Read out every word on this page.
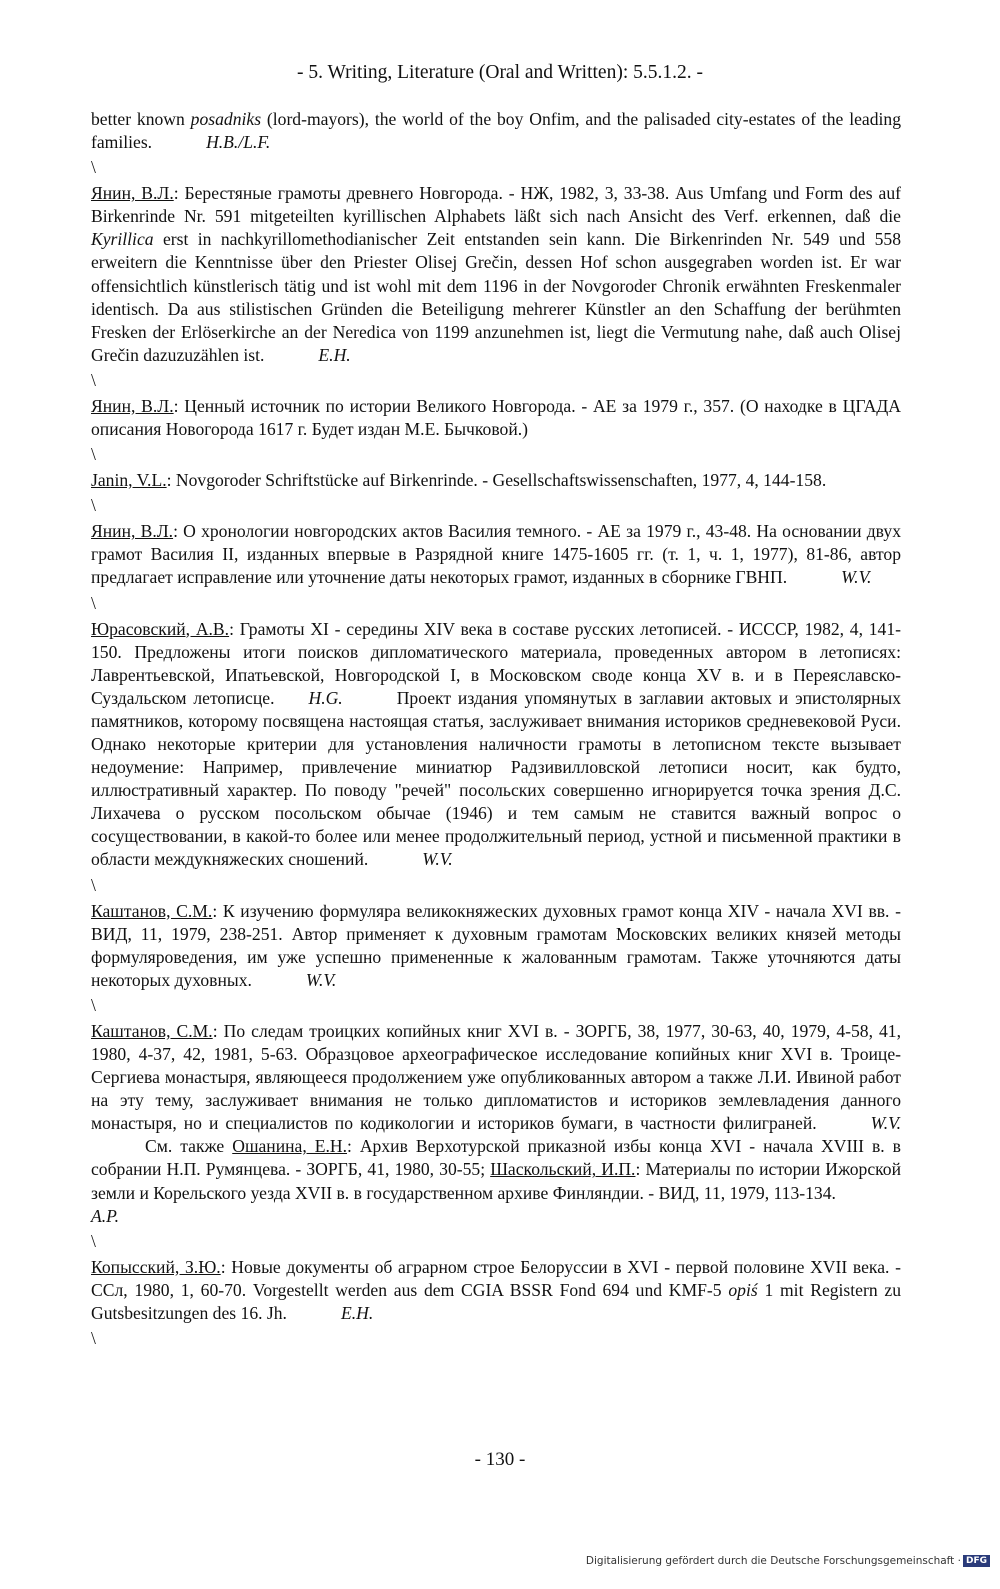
- 5. Writing, Literature (Oral and Written): 5.5.1.2. -

better known posadniks (lord-mayors), the world of the boy Onfim, and the palisaded city-estates of the leading families.	H.B./L.F.

\

Янин, В.Л.: Берестяные грамоты древнего Новгорода. - НЖ, 1982, 3, 33-38. Aus Umfang und Form des auf Birkenrinde Nr. 591 mitgeteilten kyrillischen Alphabets läßt sich nach Ansicht des Verf. erkennen, daß die Kyrillica erst in nachkyrillomethodianischer Zeit entstanden sein kann. Die Birkenrinden Nr. 549 und 558 erweitern die Kenntnisse über den Priester Olisej Grečin, dessen Hof schon ausgegraben worden ist. Er war offensichtlich künstlerisch tätig und ist wohl mit dem 1196 in der Novgoroder Chronik erwähnten Freskenmaler identisch. Da aus stilistischen Gründen die Beteiligung mehrerer Künstler an den Schaffung der berühmten Fresken der Erlöserkirche an der Neredica von 1199 anzunehmen ist, liegt die Vermutung nahe, daß auch Olisej Grečin dazuzuzählen ist.	E.H.

\

Янин, В.Л.: Ценный источник по истории Великого Новгорода. - АЕ за 1979 г., 357. (О находке в ЦГАДА описания Новогорода 1617 г. Будет издан М.Е. Бычковой.)

\

Janin, V.L.: Novgoroder Schriftstücke auf Birkenrinde. - Gesellschaftswissenschaften, 1977, 4, 144-158.

\

Янин, В.Л.: О хронологии новгородских актов Василия темного. - АЕ за 1979 г., 43-48. На основании двух грамот Василия II, изданных впервые в Разрядной книге 1475-1605 гг. (т. 1, ч. 1, 1977), 81-86, автор предлагает исправление или уточнение даты некоторых грамот, изданных в сборнике ГВНП.	W.V.

\

Юрасовский, А.В.: Грамоты XI - середины XIV века в составе русских летописей. - ИСССР, 1982, 4, 141-150. Предложены итоги поисков дипломатического материала, проведенных автором в летописях: Лаврентьевской, Ипатьевской, Новгородской I, в Московском своде конца XV в. и в Переяславско-Суздальском летописце. H.G.	Проект издания упомянутых в заглавии актовых и эпистолярных памятников, которому посвящена настоящая статья, заслуживает внимания историков средневековой Руси. Однако некоторые критерии для установления наличности грамоты в летописном тексте вызывает недоумение: Например, привлечение миниатюр Радзивилловской летописи носит, как будто, иллюстративный характер. По поводу "речей" посольских совершенно игнорируется точка зрения Д.С. Лихачева о русском посольском обычае (1946) и тем самым не ставится важный вопрос о сосуществовании, в какой-то более или менее продолжительный период, устной и письменной практики в области междукняжеских сношений.	W.V.

\

Каштанов, С.М.: К изучению формуляра великокняжеских духовных грамот конца XIV - начала XVI вв. - ВИД, 11, 1979, 238-251. Автор применяет к духовным грамотам Московских великих князей методы формуляроведения, им уже успешно примененные к жалованным грамотам. Также уточняются даты некоторых духовных.	W.V.

\

Каштанов, С.М.: По следам троицких копийных книг XVI в. - ЗОРГБ, 38, 1977, 30-63, 40, 1979, 4-58, 41, 1980, 4-37, 42, 1981, 5-63. Образцовое археографическое исследование копийных книг XVI в. Троице-Сергиева монастыря, являющееся продолжением уже опубликованных автором а также Л.И. Ивиной работ на эту тему, заслуживает внимания не только дипломатистов и историков землевладения данного монастыря, но и специалистов по кодикологии и историков бумаги, в частности филиграней.	W.V.См. также Ошанина, Е.Н.: Архив Верхотурской приказной избы конца XVI - начала XVIII в. в собрании Н.П. Румянцева. - ЗОРГБ, 41, 1980, 30-55; Шаскольский, И.П.: Материалы по истории Ижорской земли и Корельского уезда XVII в. в государственном архиве Финляндии. - ВИД, 11, 1979, 113-134.
A.P.

\

Копысский, З.Ю.: Новые документы об аграрном строе Белоруссии в XVI - первой половине XVII века. - ССл, 1980, 1, 60-70. Vorgestellt werden aus dem CGIA BSSR Fond 694 und KMF-5 opiś 1 mit Registern zu Gutsbesitzungen des 16. Jh.	E.H.

\
- 130 -
Digitalisierung gefördert durch die Deutsche Forschungsgemeinschaft · DFG
